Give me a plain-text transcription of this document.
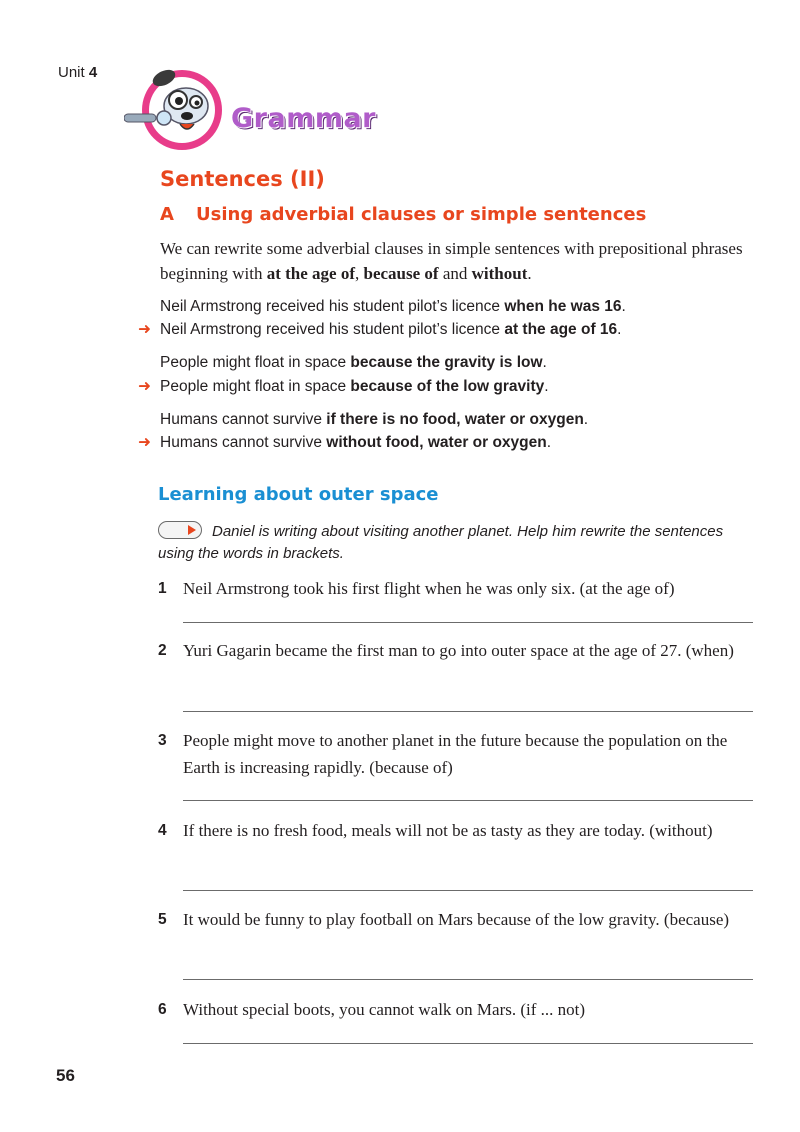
Unit 4
Grammar
Sentences (II)
A Using adverbial clauses or simple sentences
We can rewrite some adverbial clauses in simple sentences with prepositional phrases beginning with at the age of, because of and without.
Neil Armstrong received his student pilot’s licence when he was 16.
➜ Neil Armstrong received his student pilot’s licence at the age of 16.
People might float in space because the gravity is low.
➜ People might float in space because of the low gravity.
Humans cannot survive if there is no food, water or oxygen.
➜ Humans cannot survive without food, water or oxygen.
Learning about outer space
Daniel is writing about visiting another planet. Help him rewrite the sentences using the words in brackets.
1 Neil Armstrong took his first flight when he was only six. (at the age of)
2 Yuri Gagarin became the first man to go into outer space at the age of 27. (when)
3 People might move to another planet in the future because the population on the Earth is increasing rapidly. (because of)
4 If there is no fresh food, meals will not be as tasty as they are today. (without)
5 It would be funny to play football on Mars because of the low gravity. (because)
6 Without special boots, you cannot walk on Mars. (if ... not)
56
